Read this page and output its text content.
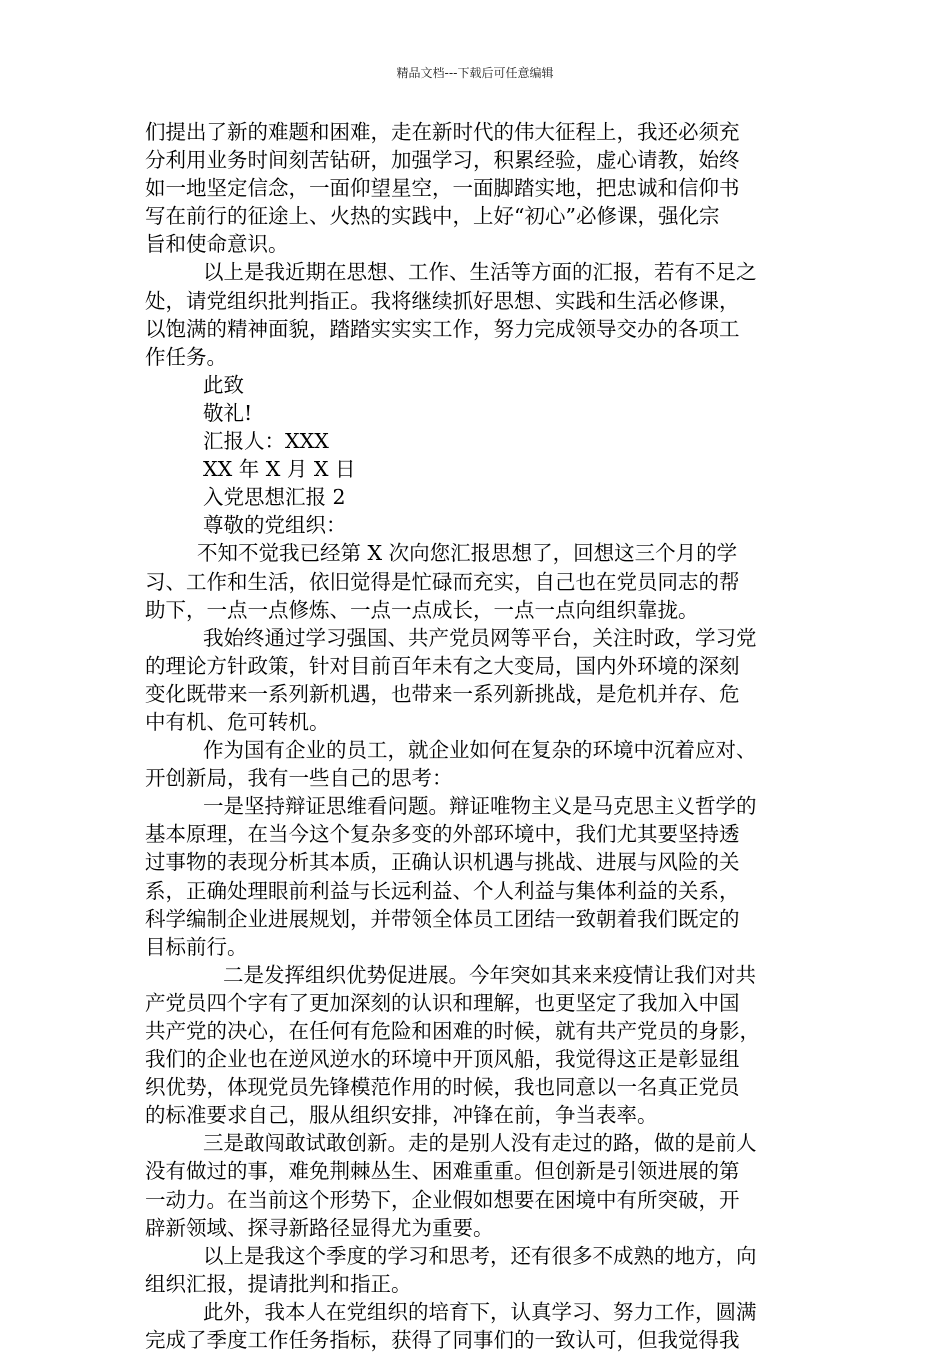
精品文档---下载后可任意编辑
们提出了新的难题和困难，走在新时代的伟大征程上，我还必须充
分利用业务时间刻苦钻研，加强学习，积累经验，虚心请教，始终
如一地坚定信念，一面仰望星空，一面脚踏实地，把忠诚和信仰书
写在前行的征途上、火热的实践中，上好“初心”必修课，强化宗
旨和使命意识。
以上是我近期在思想、工作、生活等方面的汇报，若有不足之
处，请党组织批判指正。我将继续抓好思想、实践和生活必修课，
以饱满的精神面貌，踏踏实实实工作，努力完成领导交办的各项工
作任务。
此致
敬礼!
汇报人：XXX
XX 年 X 月 X 日
入党思想汇报 2
尊敬的党组织：
不知不觉我已经第 X 次向您汇报思想了，回想这三个月的学
习、工作和生活，依旧觉得是忙碌而充实，自己也在党员同志的帮
助下，一点一点修炼、一点一点成长，一点一点向组织靠拢。
我始终通过学习强国、共产党员网等平台，关注时政，学习党
的理论方针政策，针对目前百年未有之大变局，国内外环境的深刻
变化既带来一系列新机遇，也带来一系列新挑战，是危机并存、危
中有机、危可转机。
作为国有企业的员工，就企业如何在复杂的环境中沉着应对、
开创新局，我有一些自己的思考：
一是坚持辩证思维看问题。辩证唯物主义是马克思主义哲学的
基本原理，在当今这个复杂多变的外部环境中，我们尤其要坚持透
过事物的表现分析其本质，正确认识机遇与挑战、进展与风险的关
系，正确处理眼前利益与长远利益、个人利益与集体利益的关系，
科学编制企业进展规划，并带领全体员工团结一致朝着我们既定的
目标前行。
二是发挥组织优势促进展。今年突如其来来疫情让我们对共
产党员四个字有了更加深刻的认识和理解，也更坚定了我加入中国
共产党的决心，在任何有危险和困难的时候，就有共产党员的身影，
我们的企业也在逆风逆水的环境中开顶风船，我觉得这正是彰显组
织优势，体现党员先锋模范作用的时候，我也同意以一名真正党员
的标准要求自己，服从组织安排，冲锋在前，争当表率。
三是敢闯敢试敢创新。走的是别人没有走过的路，做的是前人
没有做过的事，难免荆棘丛生、困难重重。但创新是引领进展的第
一动力。在当前这个形势下，企业假如想要在困境中有所突破，开
辟新领域、探寻新路径显得尤为重要。
以上是我这个季度的学习和思考，还有很多不成熟的地方，向
组织汇报，提请批判和指正。
此外，我本人在党组织的培育下，认真学习、努力工作，圆满
完成了季度工作任务指标，获得了同事们的一致认可，但我觉得我
